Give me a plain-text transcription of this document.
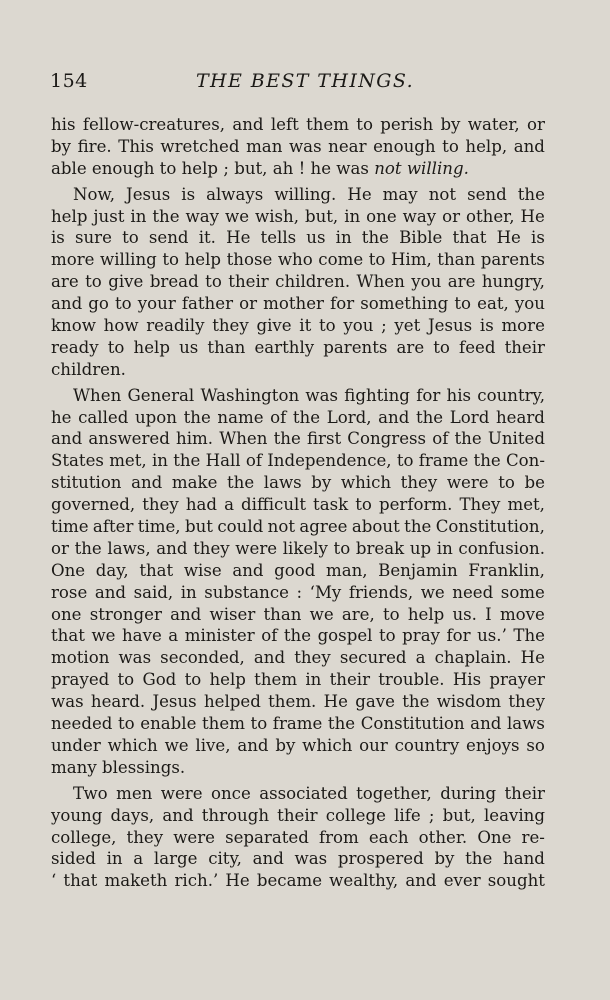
154	THE BEST THINGS.
his fellow-creatures, and left them to perish by water, or
by fire. This wretched man was near enough to help, and
able enough to help ; but, ah ! he was not willing.
Now, Jesus is always willing. He may not send the
help just in the way we wish, but, in one way or other, He
is sure to send it. He tells us in the Bible that He is
more willing to help those who come to Him, than parents
are to give bread to their children. When you are hungry,
and go to your father or mother for something to eat, you
know how readily they give it to you ; yet Jesus is more
ready to help us than earthly parents are to feed their
children.
When General Washington was fighting for his country,
he called upon the name of the Lord, and the Lord heard
and answered him. When the first Congress of the United
States met, in the Hall of Independence, to frame the Con-
stitution and make the laws by which they were to be
governed, they had a difficult task to perform. They met,
time after time, but could not agree about the Constitution,
or the laws, and they were likely to break up in confusion.
One day, that wise and good man, Benjamin Franklin,
rose and said, in substance : ‘My friends, we need some
one stronger and wiser than we are, to help us. I move
that we have a minister of the gospel to pray for us.’ The
motion was seconded, and they secured a chaplain. He
prayed to God to help them in their trouble. His prayer
was heard. Jesus helped them. He gave the wisdom they
needed to enable them to frame the Constitution and laws
under which we live, and by which our country enjoys so
many blessings.
Two men were once associated together, during their
young days, and through their college life ; but, leaving
college, they were separated from each other. One re-
sided in a large city, and was prospered by the hand
‘ that maketh rich.’ He became wealthy, and ever sought
